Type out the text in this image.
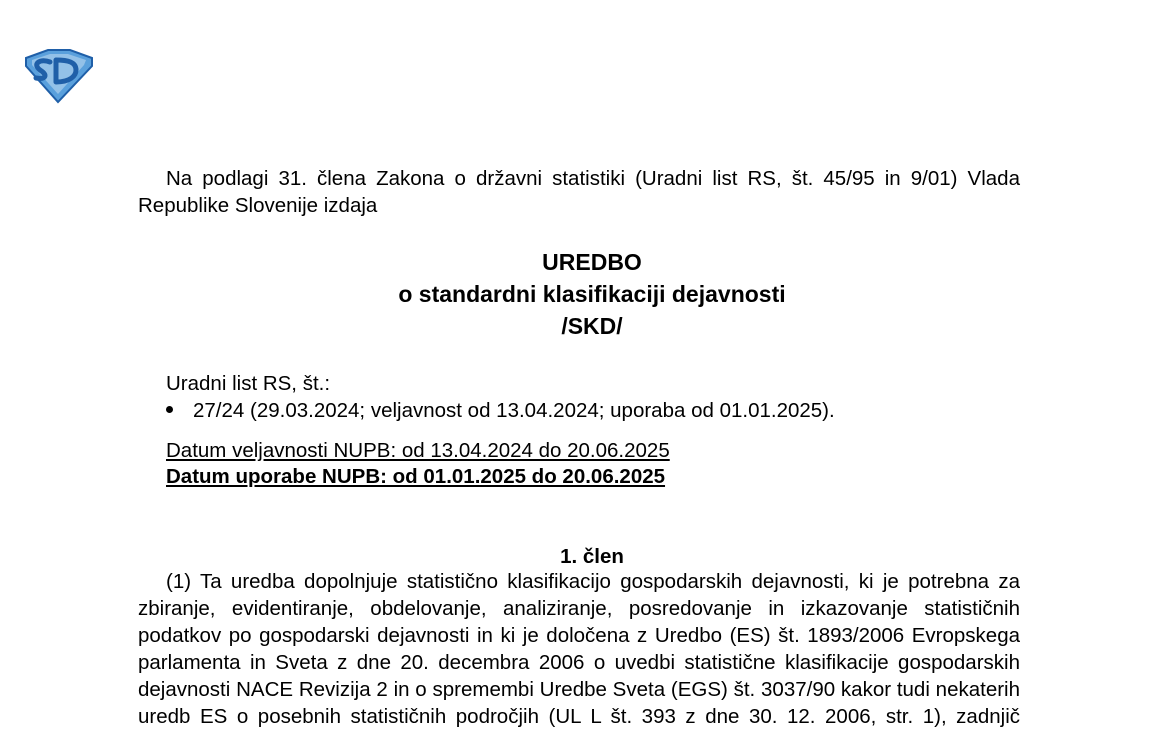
Na podlagi 31. člena Zakona o državni statistiki (Uradni list RS, št. 45/95 in 9/01) Vlada Republike Slovenije izdaja
UREDBO
o standardni klasifikaciji dejavnosti
/SKD/
Uradni list RS, št.:
27/24 (29.03.2024; veljavnost od 13.04.2024; uporaba od 01.01.2025).
Datum veljavnosti NUPB: od 13.04.2024 do 20.06.2025
Datum uporabe NUPB: od 01.01.2025 do 20.06.2025
1. člen
(1) Ta uredba dopolnjuje statistično klasifikacijo gospodarskih dejavnosti, ki je potrebna za zbiranje, evidentiranje, obdelovanje, analiziranje, posredovanje in izkazovanje statističnih podatkov po gospodarski dejavnosti in ki je določena z Uredbo (ES) št. 1893/2006 Evropskega parlamenta in Sveta z dne 20. decembra 2006 o uvedbi statistične klasifikacije gospodarskih dejavnosti NACE Revizija 2 in o spremembi Uredbe Sveta (EGS) št. 3037/90 kakor tudi nekaterih uredb ES o posebnih statističnih področjih (UL L št. 393 z dne 30. 12. 2006, str. 1), zadnjič
